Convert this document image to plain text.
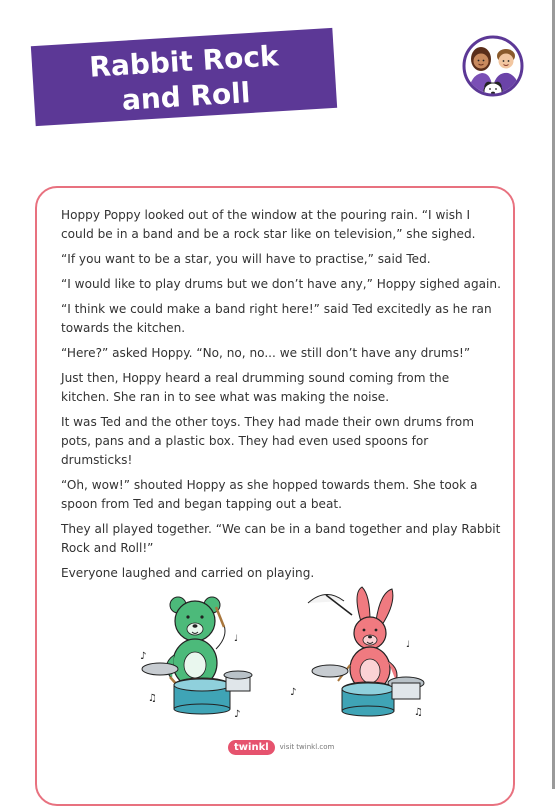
Rabbit Rock
and Roll

Hoppy Poppy looked out of the window at the pouring rain. “I wish I could be in a band and be a rock star like on television,” she sighed.

“If you want to be a star, you will have to practise,” said Ted.

“I would like to play drums but we don’t have any,” Hoppy sighed again.

“I think we could make a band right here!” said Ted excitedly as he ran towards the kitchen.

“Here?” asked Hoppy. “No, no, no... we still don’t have any drums!”

Just then, Hoppy heard a real drumming sound coming from the kitchen. She ran in to see what was making the noise.

It was Ted and the other toys. They had made their own drums from pots, pans and a plastic box. They had even used spoons for drumsticks!

“Oh, wow!” shouted Hoppy as she hopped towards them. She took a spoon from Ted and began tapping out a beat.

They all played together. “We can be in a band together and play Rabbit Rock and Roll!”

Everyone laughed and carried on playing.

♪
♫
♪
♩
♪
♫
♩
twinkl	visit twinkl.com
